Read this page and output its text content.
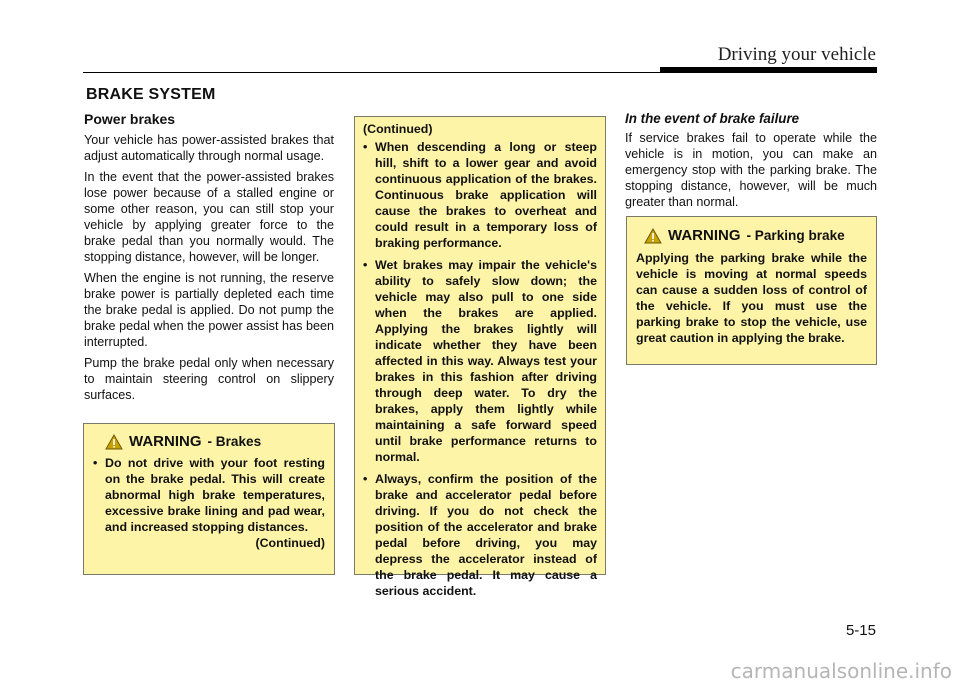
Driving your vehicle
BRAKE SYSTEM
Power brakes

Your vehicle has power-assisted brakes that adjust automatically through normal usage.

In the event that the power-assisted brakes lose power because of a stalled engine or some other reason, you can still stop your vehicle by applying greater force to the brake pedal than you normally would. The stopping distance, however, will be longer.

When the engine is not running, the reserve brake power is partially depleted each time the brake pedal is applied. Do not pump the brake pedal when the power assist has been interrupted.

Pump the brake pedal only when necessary to maintain steering control on slippery surfaces.

WARNING - Brakes
• Do not drive with your foot resting on the brake pedal. This will create abnormal high brake temperatures, excessive brake lining and pad wear, and increased stopping distances.
(Continued)
(Continued)
• When descending a long or steep hill, shift to a lower gear and avoid continuous application of the brakes. Continuous brake application will cause the brakes to overheat and could result in a temporary loss of braking performance.
• Wet brakes may impair the vehicle's ability to safely slow down; the vehicle may also pull to one side when the brakes are applied. Applying the brakes lightly will indicate whether they have been affected in this way. Always test your brakes in this fashion after driving through deep water. To dry the brakes, apply them lightly while maintaining a safe forward speed until brake performance returns to normal.
• Always, confirm the position of the brake and accelerator pedal before driving. If you do not check the position of the accelerator and brake pedal before driving, you may depress the accelerator instead of the brake pedal. It may cause a serious accident.
In the event of brake failure

If service brakes fail to operate while the vehicle is in motion, you can make an emergency stop with the parking brake. The stopping distance, however, will be much greater than normal.

WARNING - Parking brake

Applying the parking brake while the vehicle is moving at normal speeds can cause a sudden loss of control of the vehicle. If you must use the parking brake to stop the vehicle, use great caution in applying the brake.

5-15
carmanualsonline.info
